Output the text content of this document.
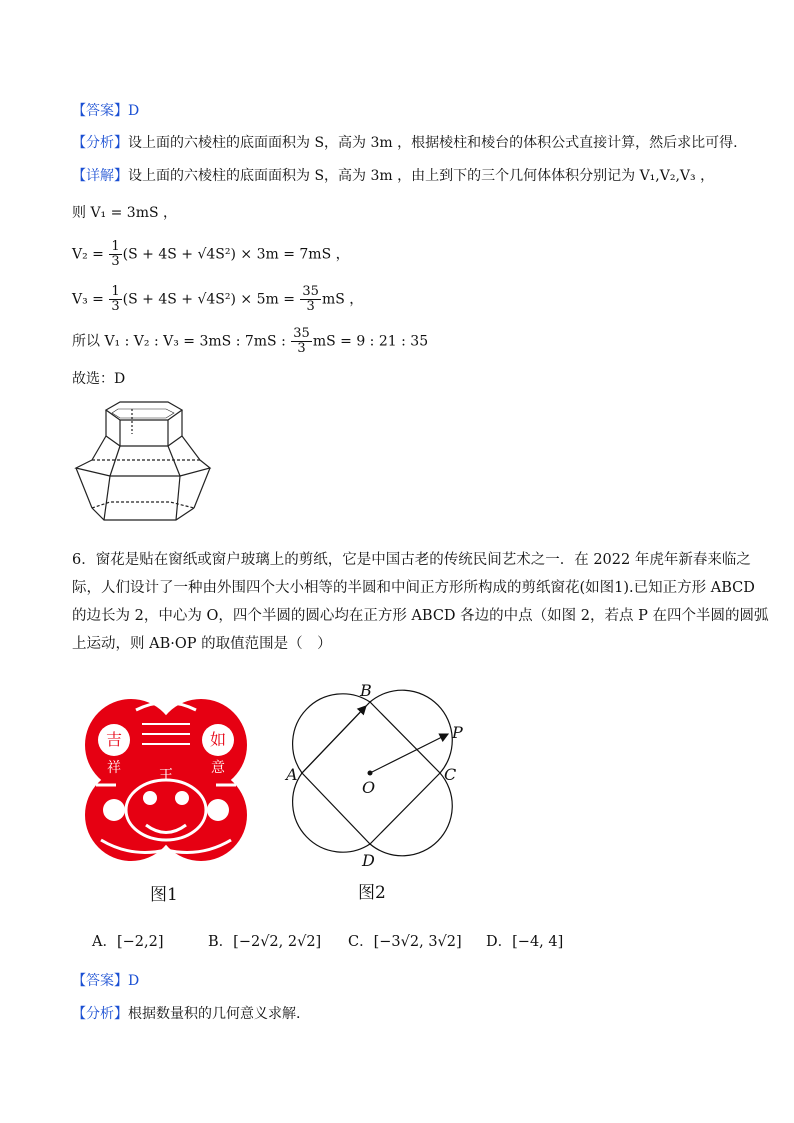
【答案】D
【分析】设上面的六棱柱的底面面积为 S，高为 3m ，根据棱柱和棱台的体积公式直接计算，然后求比可得.
【详解】设上面的六棱柱的底面面积为 S，高为 3m ，由上到下的三个几何体体积分别记为 V₁,V₂,V₃ ，
则 V₁ = 3mS ，
$V_2 = \frac{1}{3} (S + 4S + √4S^2) \times 3m = 7mS$ ，
$V_3 = \frac{1}{3} (S + 4S + √4S^2) \times 5m = \frac{35}{3}$ mS ，
所以 V₁ : V₂ : V₃ = 3mS : 7mS : $\frac{35}{3}$ mS = 9 : 21 : 35
故选：D
6．窗花是贴在窗纸或窗户玻璃上的剪纸，它是中国古老的传统民间艺术之一．在 2022 年虎年新春来临之
际，人们设计了一种由外围四个大小相等的半圆和中间正方形所构成的剪纸窗花(如图1).已知正方形 ABCD
的边长为 2，中心为 O，四个半圆的圆心均在正方形 ABCD 各边的中点（如图 2，若点 P 在四个半圆的圆弧
上运动，则 AB·OP 的取值范围是（　）
吉	如
祥	意
王
图1
B
A	C
D
O
P
图2
A．[−2,2]	B．[−2√2, 2√2] C．[−3√2, 3√2] D．[−4, 4]
【答案】D
【分析】根据数量积的几何意义求解.
